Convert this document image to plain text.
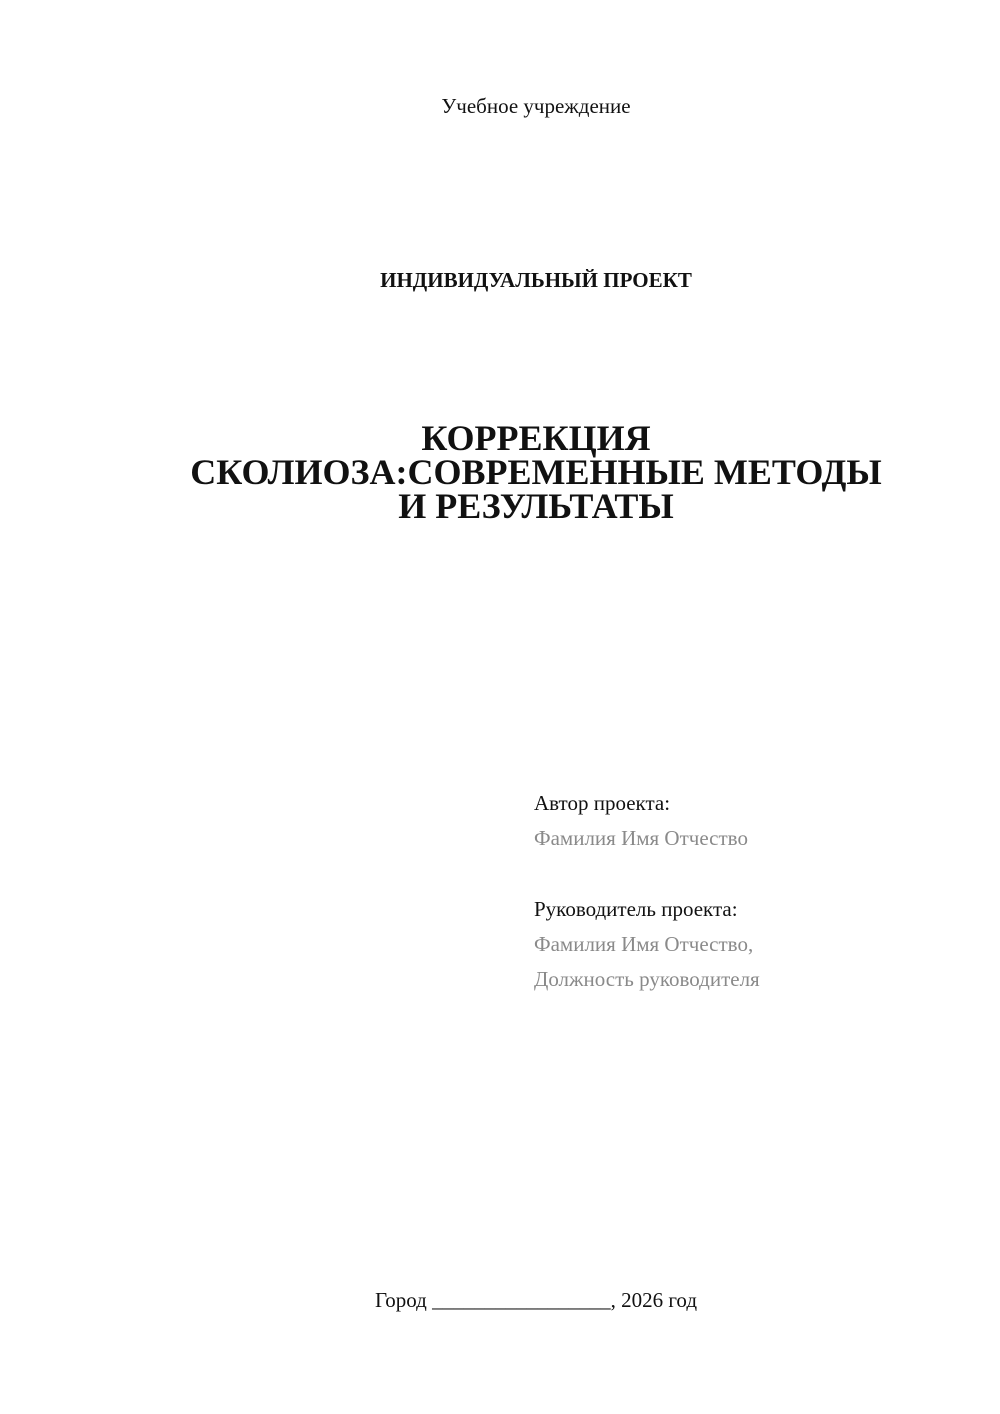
Учебное учреждение
ИНДИВИДУАЛЬНЫЙ ПРОЕКТ
КОРРЕКЦИЯ
СКОЛИОЗА:СОВРЕМЕННЫЕ МЕТОДЫ
И РЕЗУЛЬТАТЫ
Автор проекта:
Фамилия Имя Отчество
Руководитель проекта:
Фамилия Имя Отчество,
Должность руководителя
Город _________________, 2026 год
